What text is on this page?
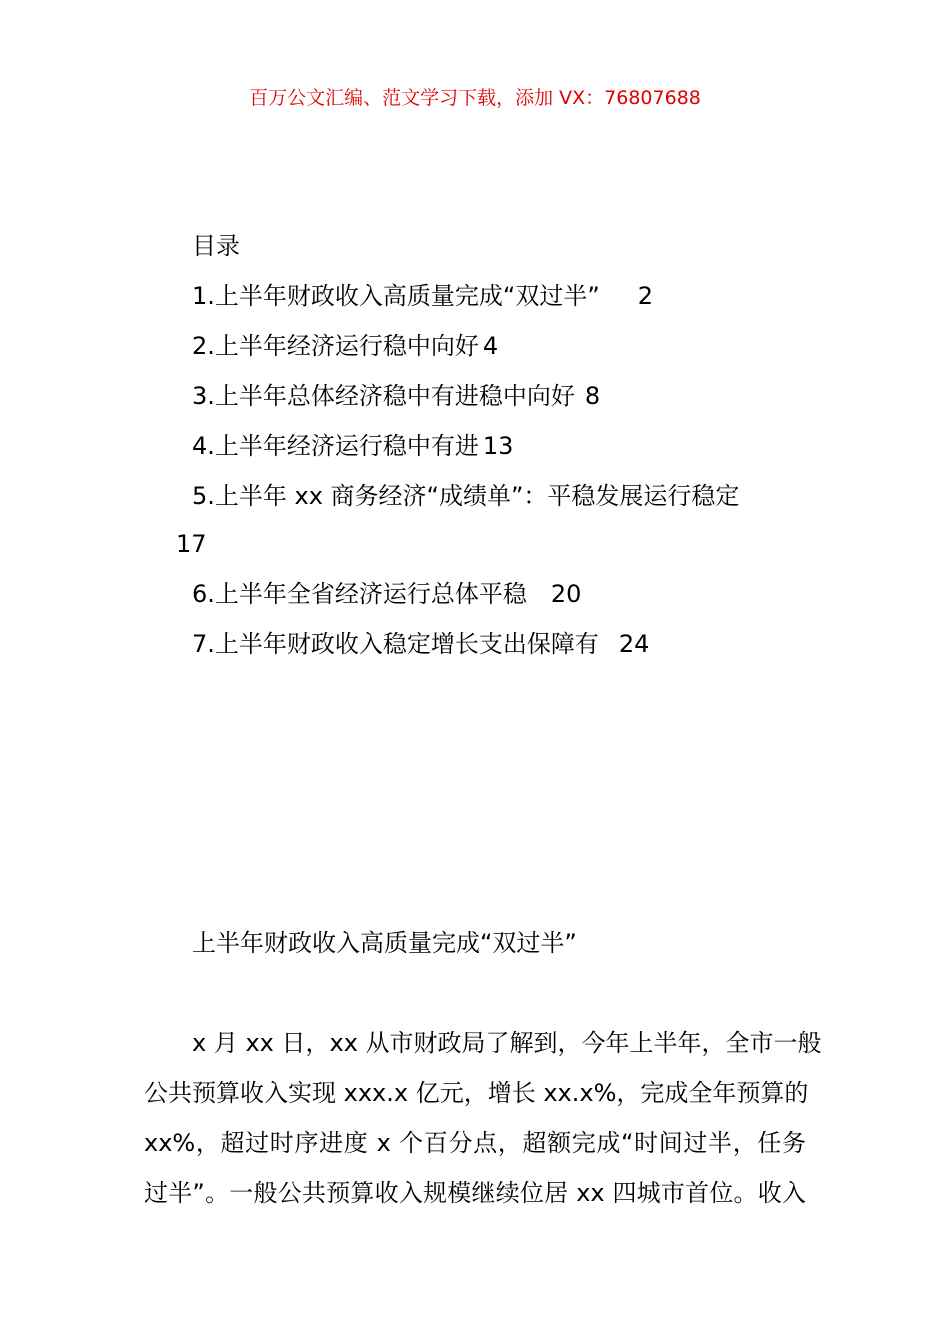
百万公文汇编、范文学习下载，添加 VX：76807688
目录
1.上半年财政收入高质量完成“双过半” 2
2.上半年经济运行稳中向好 4
3.上半年总体经济稳中有进稳中向好 8
4.上半年经济运行稳中有进 13
5.上半年 xx 商务经济“成绩单”：平稳发展运行稳定
17
6.上半年全省经济运行总体平稳 20
7.上半年财政收入稳定增长支出保障有 24
上半年财政收入高质量完成“双过半”
x 月 xx 日，xx 从市财政局了解到，今年上半年，全市一般
公共预算收入实现 xxx.x 亿元，增长 xx.x%，完成全年预算的
xx%，超过时序进度 x 个百分点，超额完成“时间过半，任务
过半”。一般公共预算收入规模继续位居 xx 四城市首位。收入
